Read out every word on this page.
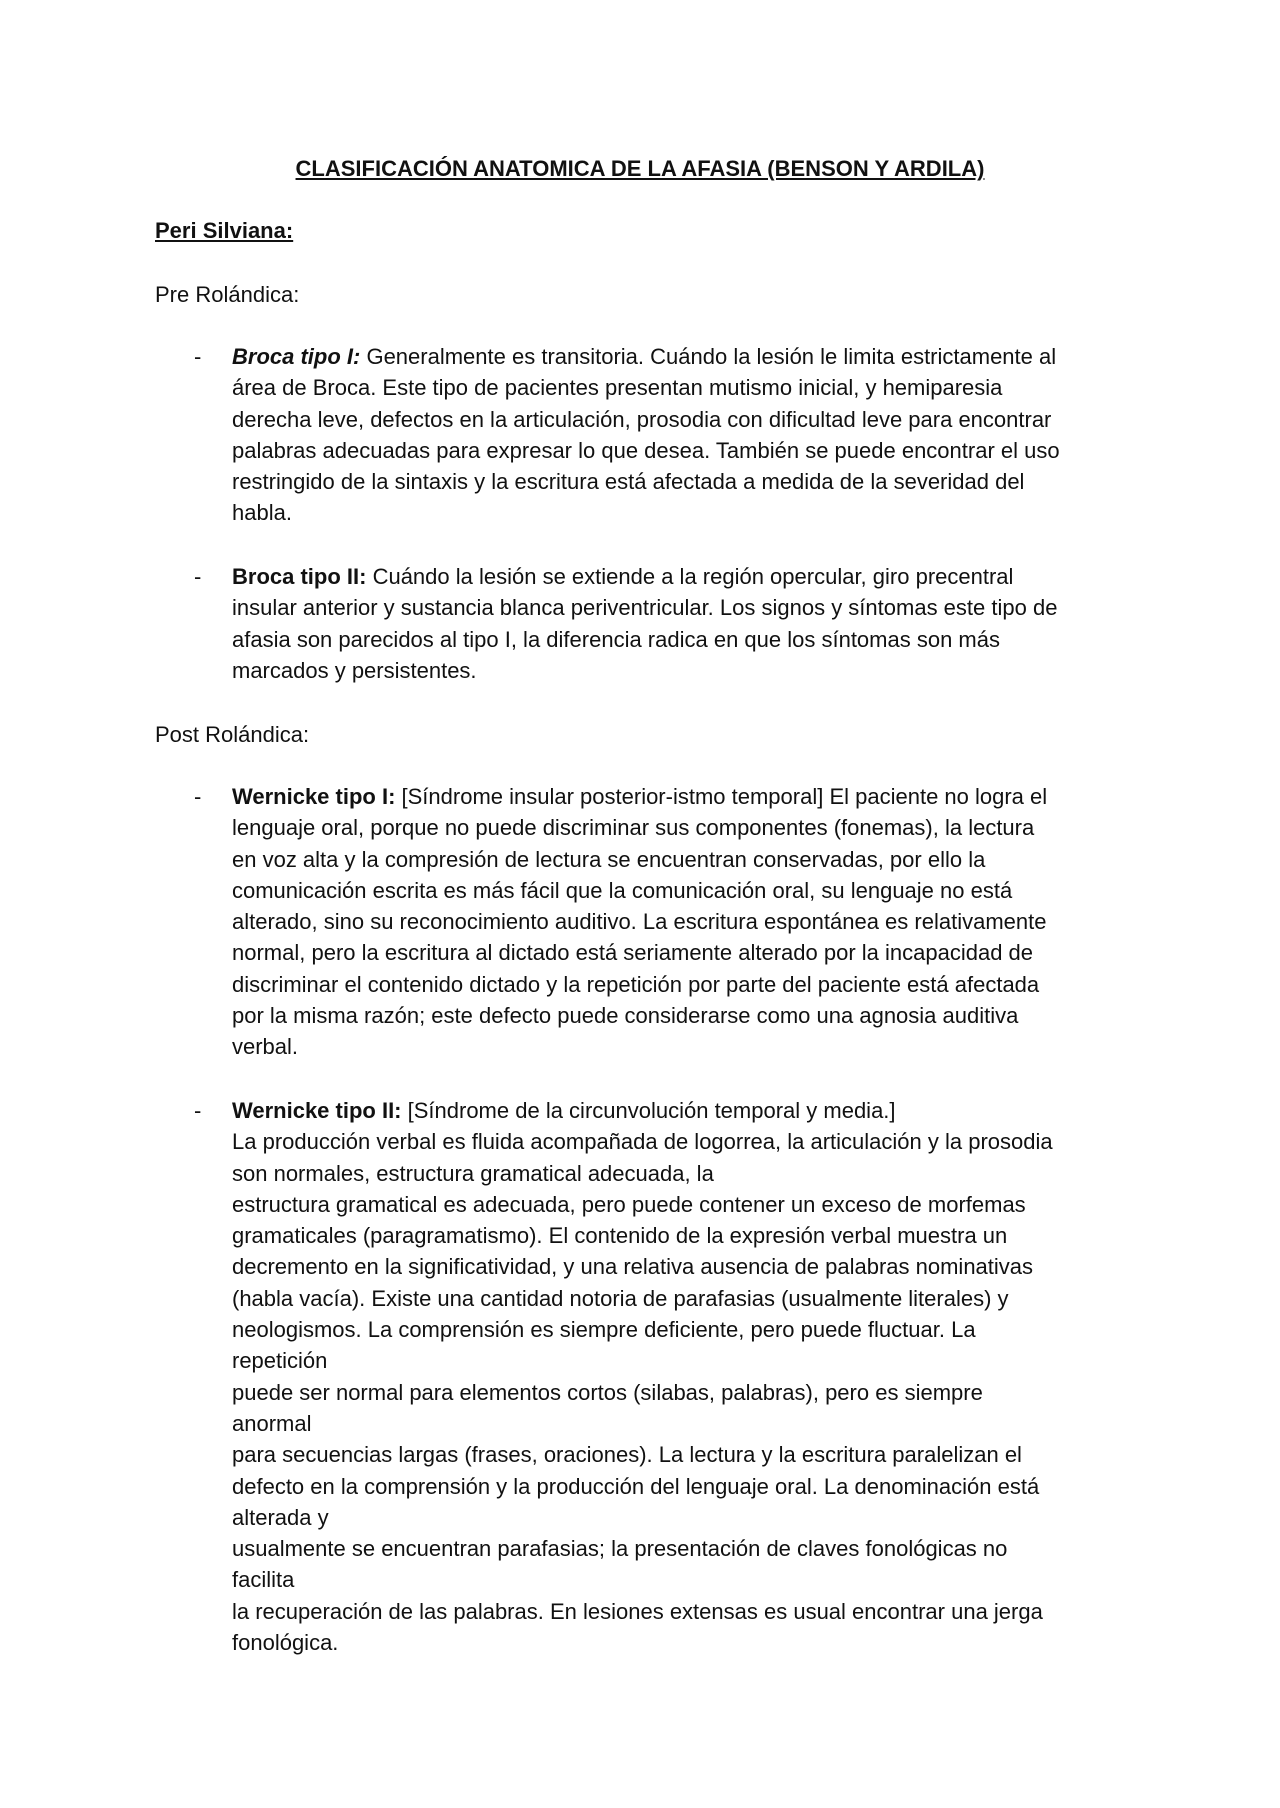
CLASIFICACIÓN ANATOMICA DE LA AFASIA (BENSON Y ARDILA)
Peri Silviana:
Pre Rolándica:
- Broca tipo I: Generalmente es transitoria. Cuándo la lesión le limita estrictamente al
área de Broca. Este tipo de pacientes presentan mutismo inicial, y hemiparesia
derecha leve, defectos en la articulación, prosodia con dificultad leve para encontrar
palabras adecuadas para expresar lo que desea. También se puede encontrar el uso
restringido de la sintaxis y la escritura está afectada a medida de la severidad del
habla.
- Broca tipo II: Cuándo la lesión se extiende a la región opercular, giro precentral
insular anterior y sustancia blanca periventricular. Los signos y síntomas este tipo de
afasia son parecidos al tipo I, la diferencia radica en que los síntomas son más
marcados y persistentes.
Post Rolándica:
- Wernicke tipo I: [Síndrome insular posterior-istmo temporal] El paciente no logra el
lenguaje oral, porque no puede discriminar sus componentes (fonemas), la lectura
en voz alta y la compresión de lectura se encuentran conservadas, por ello la
comunicación escrita es más fácil que la comunicación oral, su lenguaje no está
alterado, sino su reconocimiento auditivo. La escritura espontánea es relativamente
normal, pero la escritura al dictado está seriamente alterado por la incapacidad de
discriminar el contenido dictado y la repetición por parte del paciente está afectada
por la misma razón; este defecto puede considerarse como una agnosia auditiva
verbal.
- Wernicke tipo II: [Síndrome de la circunvolución temporal y media.]
La producción verbal es fluida acompañada de logorrea, la articulación y la prosodia
son normales, estructura gramatical adecuada, la
estructura gramatical es adecuada, pero puede contener un exceso de morfemas
gramaticales (paragramatismo). El contenido de la expresión verbal muestra un
decremento en la significatividad, y una relativa ausencia de palabras nominativas
(habla vacía). Existe una cantidad notoria de parafasias (usualmente literales) y
neologismos. La comprensión es siempre deficiente, pero puede fluctuar. La
repetición
puede ser normal para elementos cortos (silabas, palabras), pero es siempre
anormal
para secuencias largas (frases, oraciones). La lectura y la escritura paralelizan el
defecto en la comprensión y la producción del lenguaje oral. La denominación está
alterada y
usualmente se encuentran parafasias; la presentación de claves fonológicas no
facilita
la recuperación de las palabras. En lesiones extensas es usual encontrar una jerga
fonológica.
